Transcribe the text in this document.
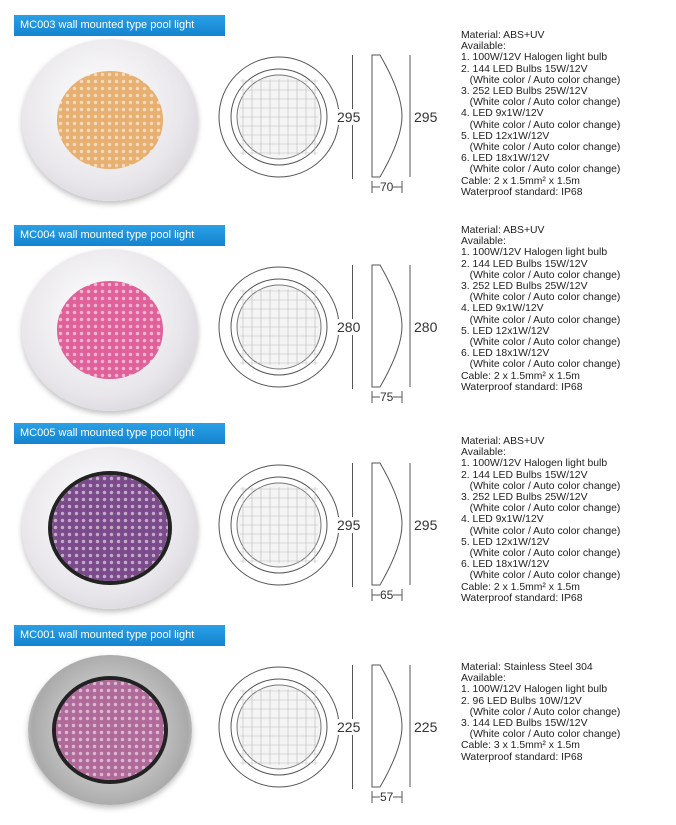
MC003 wall mounted type pool light
295	295
70
Material: ABS+UV
Available:
1. 100W/12V Halogen light bulb
2. 144 LED Bulbs 15W/12V
(White color / Auto color change)
3. 252 LED Bulbs 25W/12V
(White color / Auto color change)
4. LED 9x1W/12V
(White color / Auto color change)
5. LED 12x1W/12V
(White color / Auto color change)
6. LED 18x1W/12V
(White color / Auto color change)
Cable: 2 x 1.5mm² x 1.5m
Waterproof standard: IP68
MC004 wall mounted type pool light
280	280
75
Material: ABS+UV
Available:
1. 100W/12V Halogen light bulb
2. 144 LED Bulbs 15W/12V
(White color / Auto color change)
3. 252 LED Bulbs 25W/12V
(White color / Auto color change)
4. LED 9x1W/12V
(White color / Auto color change)
5. LED 12x1W/12V
(White color / Auto color change)
6. LED 18x1W/12V
(White color / Auto color change)
Cable: 2 x 1.5mm² x 1.5m
Waterproof standard: IP68
MC005 wall mounted type pool light
295	295
65
Material: ABS+UV
Available:
1. 100W/12V Halogen light bulb
2. 144 LED Bulbs 15W/12V
(White color / Auto color change)
3. 252 LED Bulbs 25W/12V
(White color / Auto color change)
4. LED 9x1W/12V
(White color / Auto color change)
5. LED 12x1W/12V
(White color / Auto color change)
6. LED 18x1W/12V
(White color / Auto color change)
Cable: 2 x 1.5mm² x 1.5m
Waterproof standard: IP68
MC001 wall mounted type pool light
225	225
57
Material: Stainless Steel 304
Available:
1. 100W/12V Halogen light bulb
2. 96 LED Bulbs 10W/12V
(White color / Auto color change)
3. 144 LED Bulbs 15W/12V
(White color / Auto color change)
Cable: 3 x 1.5mm² x 1.5m
Waterproof standard: IP68
